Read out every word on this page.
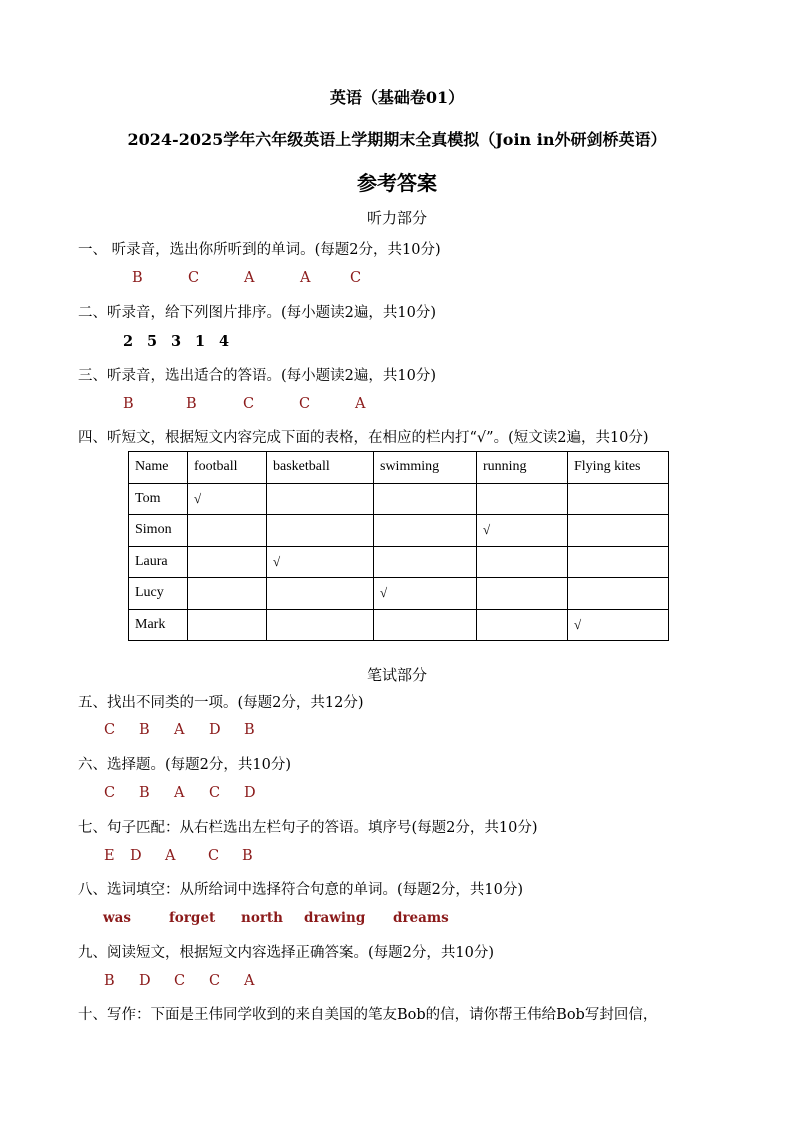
英语（基础卷01）
2024-2025学年六年级英语上学期期末全真模拟（Join in外研剑桥英语）
参考答案
听力部分
一、 听录音，选出你所听到的单词。(每题2分，共10分)
B	C	A	A	C
二、听录音，给下列图片排序。(每小题读2遍，共10分)
2 5 3 1 4
三、听录音，选出适合的答语。(每小题读2遍，共10分)
B	B	C	C	A
四、听短文，根据短文内容完成下面的表格，在相应的栏内打“√”。(短文读2遍，共10分)
Name	football	basketball	swimming	running	Flying kites
Tom	√				
Simon				√	
Laura		√			
Lucy			√		
Mark					√
笔试部分
五、找出不同类的一项。(每题2分，共12分)
C B A D B
六、选择题。(每题2分，共10分)
C B A C D
七、句子匹配：从右栏选出左栏句子的答语。填序号(每题2分，共10分)
E D A C B
八、选词填空：从所给词中选择符合句意的单词。(每题2分，共10分)
was	forget north drawing dreams
九、阅读短文，根据短文内容选择正确答案。(每题2分，共10分)
B D C C A
十、写作：下面是王伟同学收到的来自美国的笔友Bob的信，请你帮王伟给Bob写封回信，
